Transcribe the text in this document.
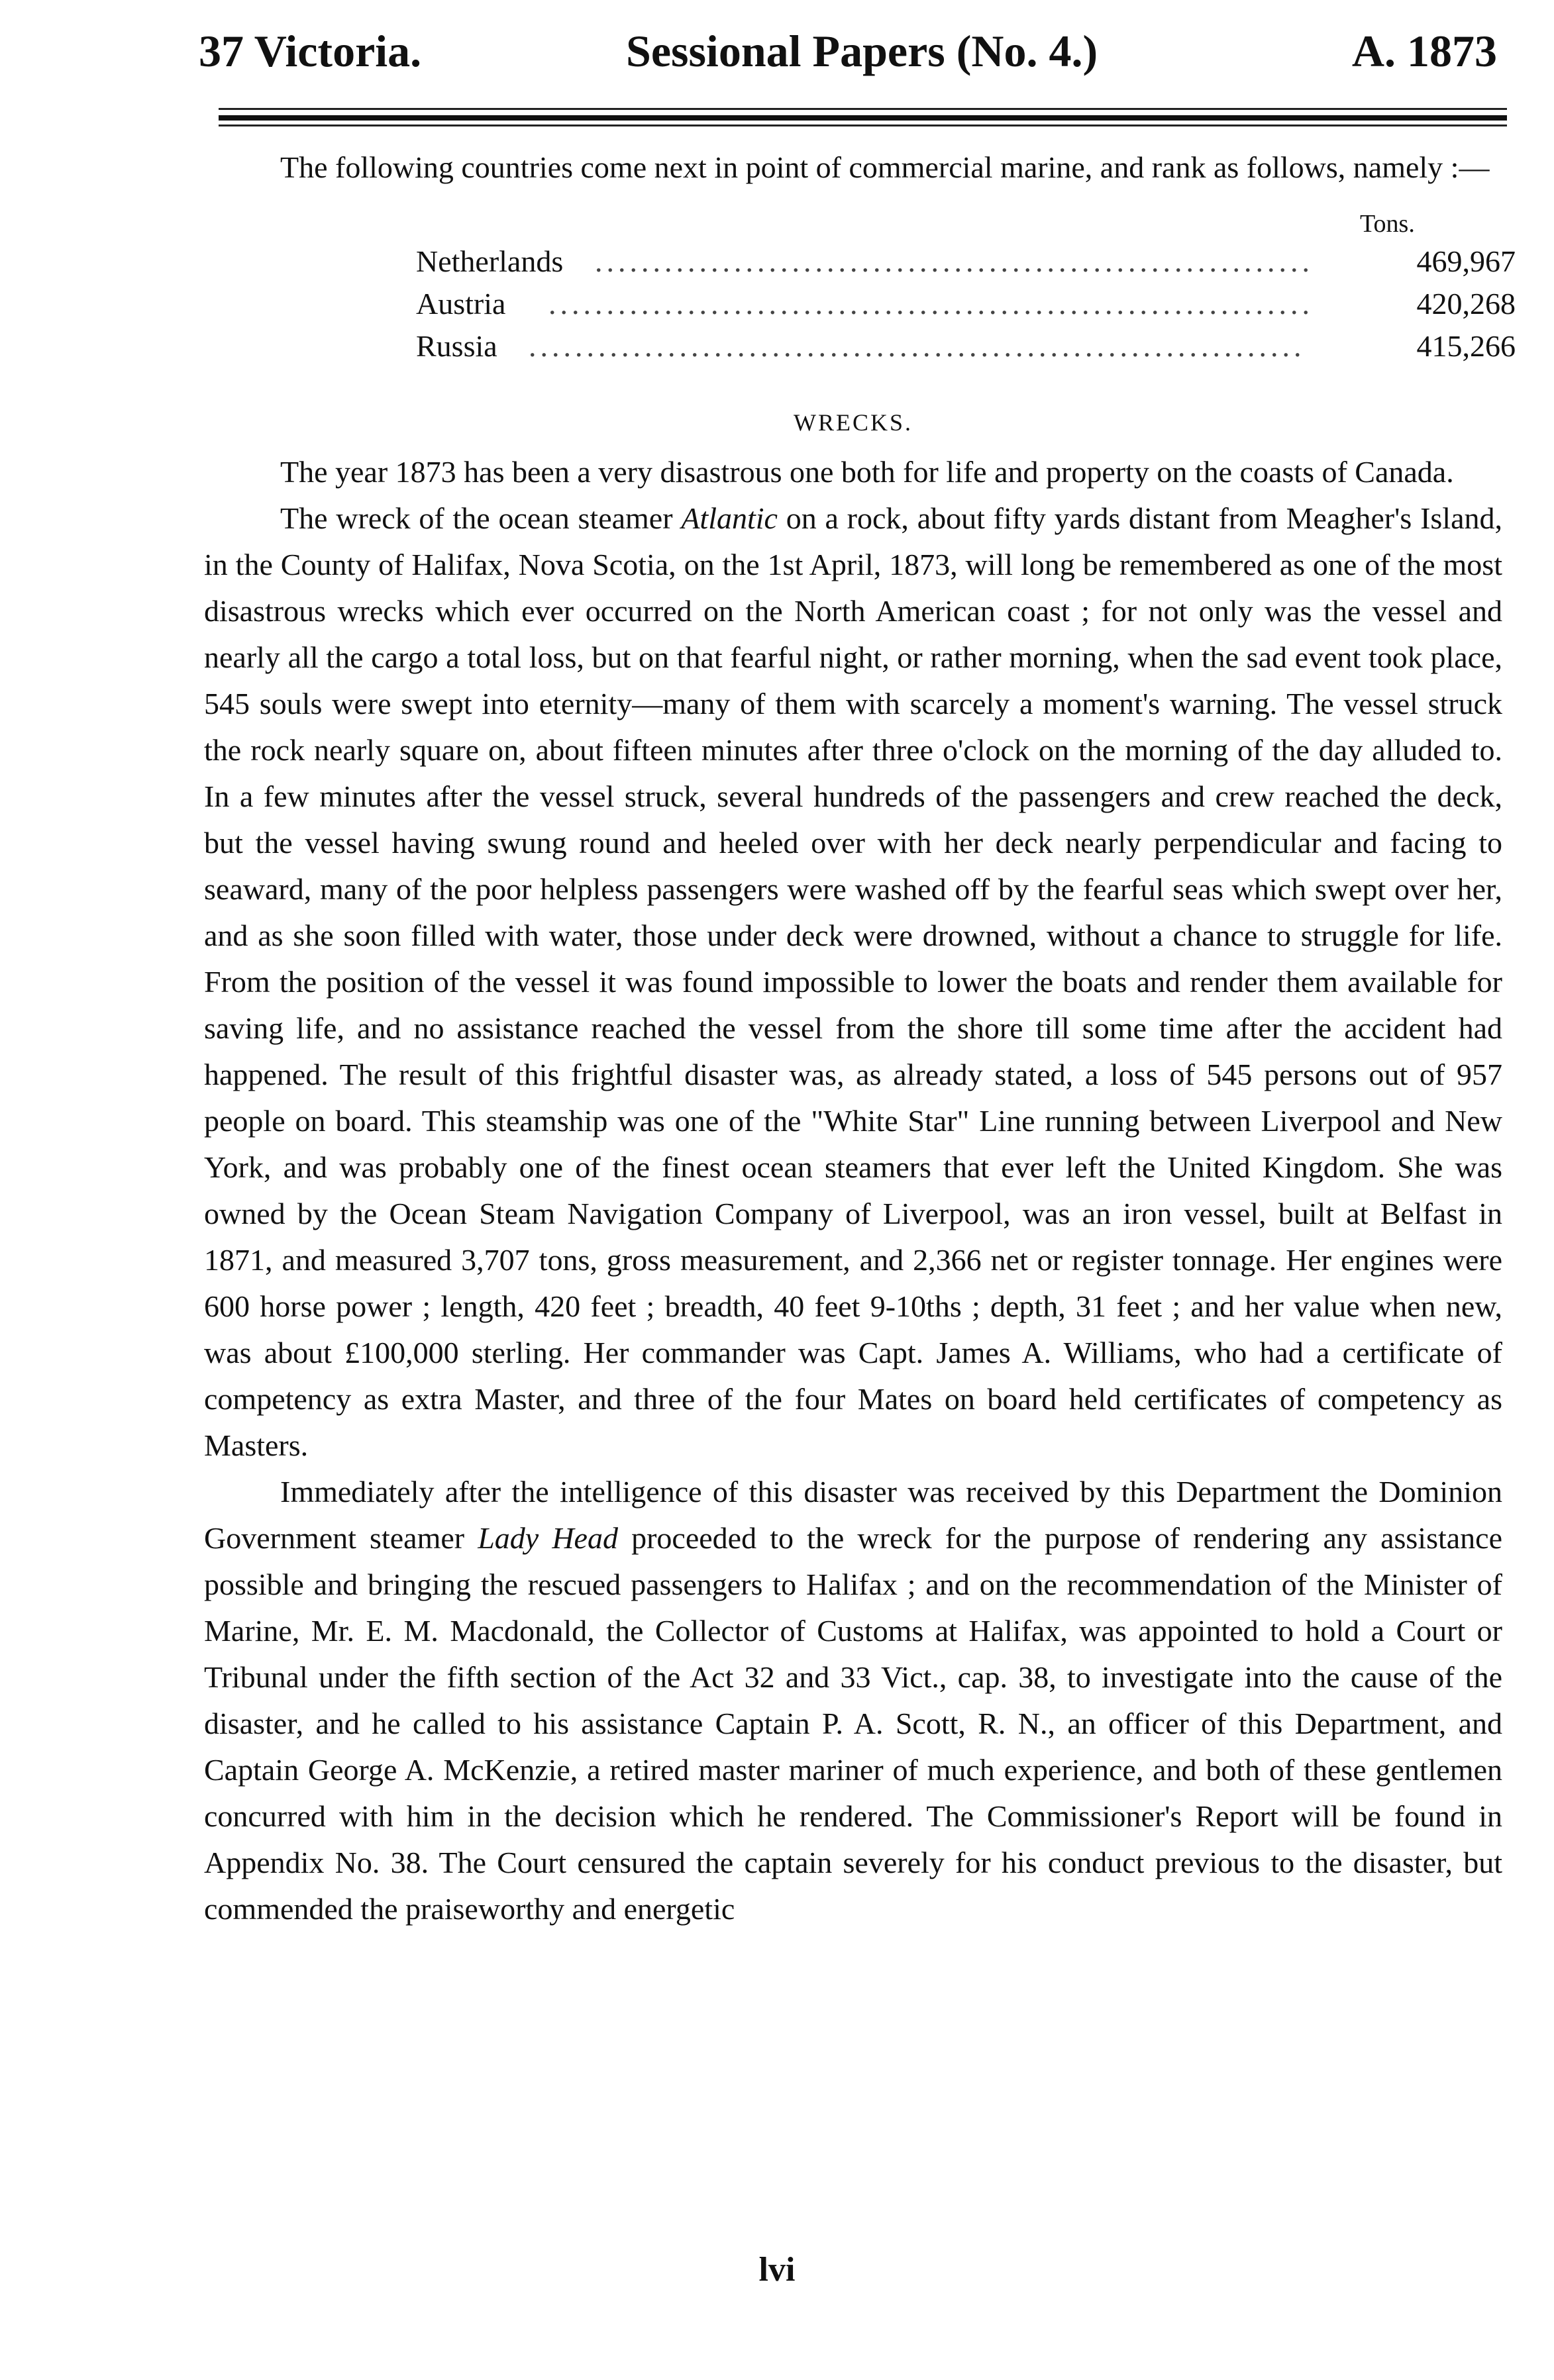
37 Victoria.	Sessional Papers (No. 4.)	A. 1873

The following countries come next in point of commercial marine, and rank as follows, namely :—

Tons.
..............................................................
Netherlands	469,967
..................................................................
Austria	420,268
...................................................................
Russia	415,266
WRECKS.

The year 1873 has been a very disastrous one both for life and property on the coasts of Canada.

The wreck of the ocean steamer Atlantic on a rock, about fifty yards distant from Meagher's Island, in the County of Halifax, Nova Scotia, on the 1st April, 1873, will long be remembered as one of the most disastrous wrecks which ever occurred on the North American coast ; for not only was the vessel and nearly all the cargo a total loss, but on that fearful night, or rather morning, when the sad event took place, 545 souls were swept into eternity—many of them with scarcely a moment's warning. The vessel struck the rock nearly square on, about fifteen minutes after three o'clock on the morning of the day alluded to. In a few minutes after the vessel struck, several hundreds of the passengers and crew reached the deck, but the vessel having swung round and heeled over with her deck nearly perpendicular and facing to seaward, many of the poor helpless passengers were washed off by the fearful seas which swept over her, and as she soon filled with water, those under deck were drowned, without a chance to struggle for life. From the position of the vessel it was found impossible to lower the boats and render them available for saving life, and no assistance reached the vessel from the shore till some time after the accident had happened. The result of this frightful disaster was, as already stated, a loss of 545 persons out of 957 people on board. This steamship was one of the "White Star" Line running between Liverpool and New York, and was probably one of the finest ocean steamers that ever left the United Kingdom. She was owned by the Ocean Steam Navigation Company of Liverpool, was an iron vessel, built at Belfast in 1871, and measured 3,707 tons, gross measurement, and 2,366 net or register tonnage. Her engines were 600 horse power ; length, 420 feet ; breadth, 40 feet 9-10ths ; depth, 31 feet ; and her value when new, was about £100,000 sterling. Her commander was Capt. James A. Williams, who had a certificate of competency as extra Master, and three of the four Mates on board held certificates of competency as Masters.

Immediately after the intelligence of this disaster was received by this Department the Dominion Government steamer Lady Head proceeded to the wreck for the purpose of rendering any assistance possible and bringing the rescued passengers to Halifax ; and on the recommendation of the Minister of Marine, Mr. E. M. Macdonald, the Collector of Customs at Halifax, was appointed to hold a Court or Tribunal under the fifth section of the Act 32 and 33 Vict., cap. 38, to investigate into the cause of the disaster, and he called to his assistance Captain P. A. Scott, R. N., an officer of this Department, and Captain George A. McKenzie, a retired master mariner of much experience, and both of these gentlemen concurred with him in the decision which he rendered. The Commissioner's Report will be found in Appendix No. 38. The Court censured the captain severely for his conduct previous to the disaster, but commended the praiseworthy and energetic

lvi
